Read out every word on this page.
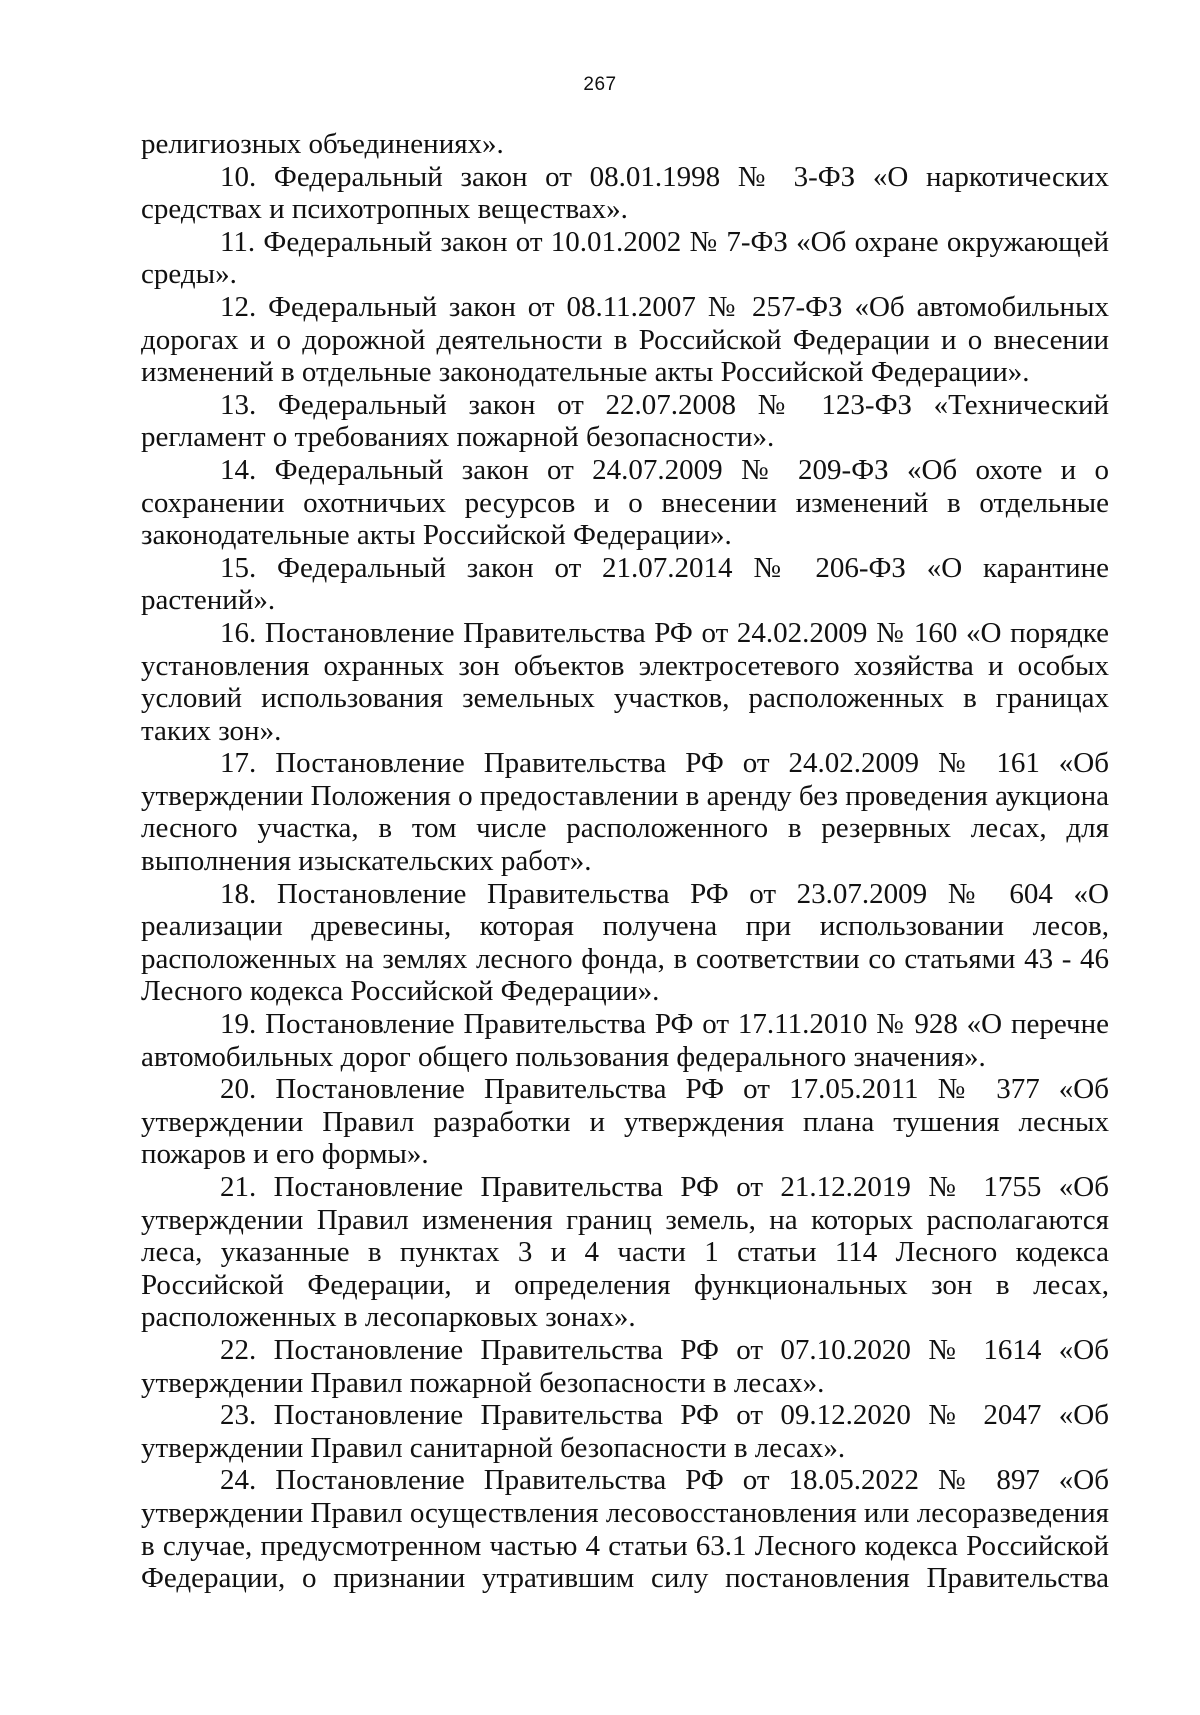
267

религиозных объединениях».

10. Федеральный закон от 08.01.1998 № 3-ФЗ «О наркотических средствах и психотропных веществах».

11. Федеральный закон от 10.01.2002 № 7-ФЗ «Об охране окружающей среды».

12. Федеральный закон от 08.11.2007 № 257-ФЗ «Об автомобильных дорогах и о дорожной деятельности в Российской Федерации и о внесении изменений в отдельные законодательные акты Российской Федерации».

13. Федеральный закон от 22.07.2008 № 123-ФЗ «Технический регламент о требованиях пожарной безопасности».

14. Федеральный закон от 24.07.2009 № 209-ФЗ «Об охоте и о сохранении охотничьих ресурсов и о внесении изменений в отдельные законодательные акты Российской Федерации».

15. Федеральный закон от 21.07.2014 № 206-ФЗ «О карантине растений».

16. Постановление Правительства РФ от 24.02.2009 № 160 «О порядке установления охранных зон объектов электросетевого хозяйства и особых условий использования земельных участков, расположенных в границах таких зон».

17. Постановление Правительства РФ от 24.02.2009 № 161 «Об утверждении Положения о предоставлении в аренду без проведения аукциона лесного участка, в том числе расположенного в резервных лесах, для выполнения изыскательских работ».

18. Постановление Правительства РФ от 23.07.2009 № 604 «О реализации древесины, которая получена при использовании лесов, расположенных на землях лесного фонда, в соответствии со статьями 43 - 46 Лесного кодекса Российской Федерации».

19. Постановление Правительства РФ от 17.11.2010 № 928 «О перечне автомобильных дорог общего пользования федерального значения».

20. Постановление Правительства РФ от 17.05.2011 № 377 «Об утверждении Правил разработки и утверждения плана тушения лесных пожаров и его формы».

21. Постановление Правительства РФ от 21.12.2019 № 1755 «Об утверждении Правил изменения границ земель, на которых располагаются леса, указанные в пунктах 3 и 4 части 1 статьи 114 Лесного кодекса Российской Федерации, и определения функциональных зон в лесах, расположенных в лесопарковых зонах».

22. Постановление Правительства РФ от 07.10.2020 № 1614 «Об утверждении Правил пожарной безопасности в лесах».

23. Постановление Правительства РФ от 09.12.2020 № 2047 «Об утверждении Правил санитарной безопасности в лесах».

24. Постановление Правительства РФ от 18.05.2022 № 897 «Об утверждении Правил осуществления лесовосстановления или лесоразведения в случае, предусмотренном частью 4 статьи 63.1 Лесного кодекса Российской Федерации, о признании утратившим силу постановления Правительства
